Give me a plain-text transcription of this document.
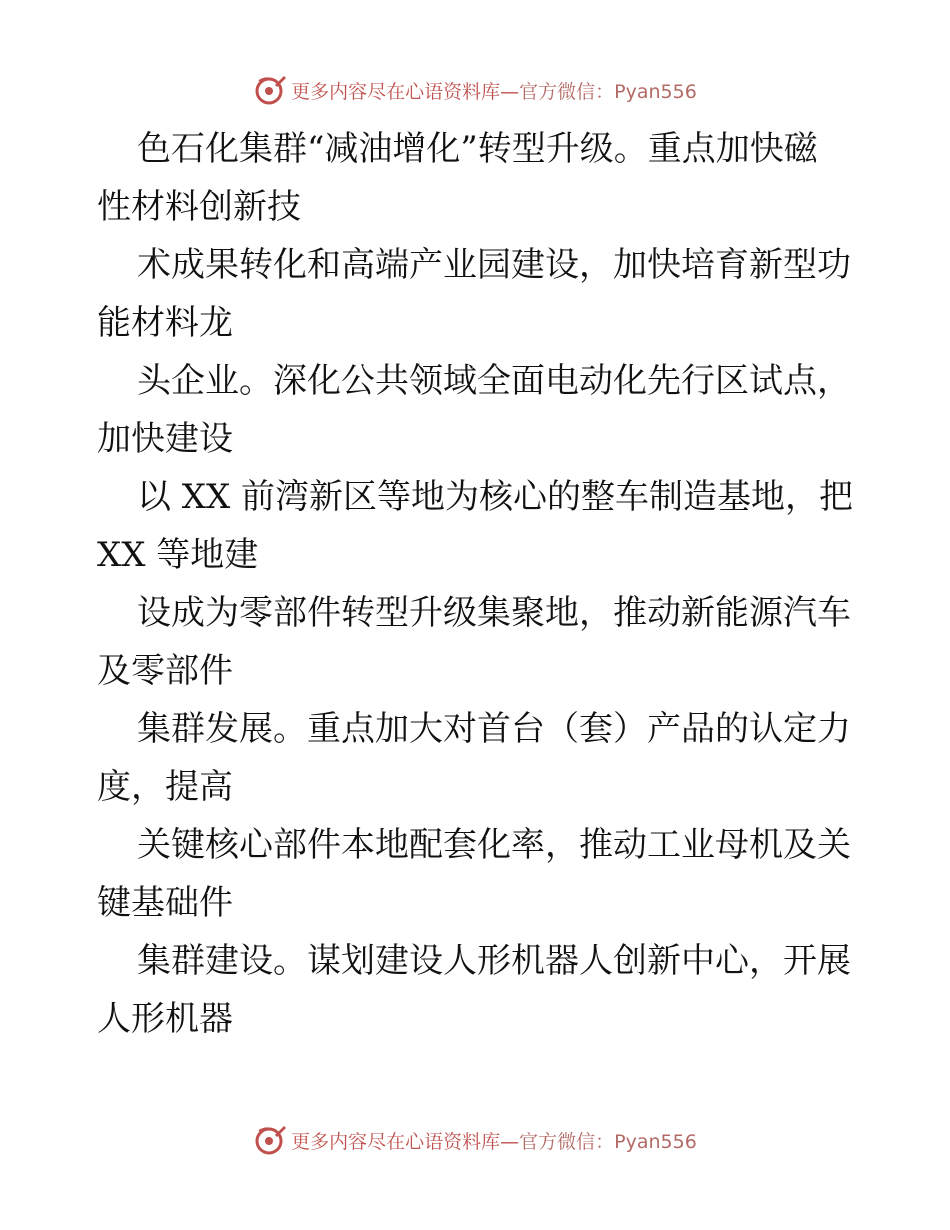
更多内容尽在心语资料库—官方微信：Pyan556

色石化集群“减油增化”转型升级。重点加快磁
性材料创新技

术成果转化和高端产业园建设，加快培育新型功
能材料龙

头企业。深化公共领域全面电动化先行区试点，
加快建设

以 XX 前湾新区等地为核心的整车制造基地，把
XX 等地建

设成为零部件转型升级集聚地，推动新能源汽车
及零部件

集群发展。重点加大对首台（套）产品的认定力
度，提高

关键核心部件本地配套化率，推动工业母机及关
键基础件

集群建设。谋划建设人形机器人创新中心，开展
人形机器

更多内容尽在心语资料库—官方微信：Pyan556
